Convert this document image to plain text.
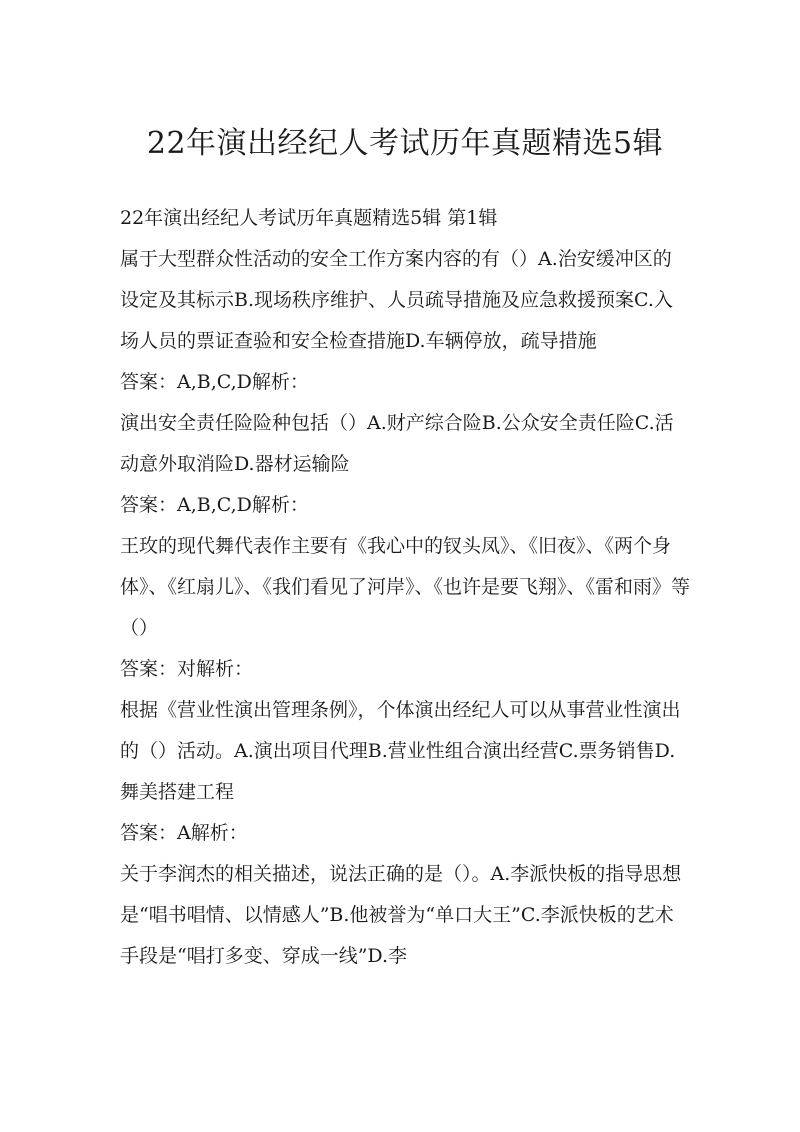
22年演出经纪人考试历年真题精选5辑

22年演出经纪人考试历年真题精选5辑 第1辑

属于大型群众性活动的安全工作方案内容的有（）A.治安缓冲区的设定及其标示B.现场秩序维护、人员疏导措施及应急救援预案C.入场人员的票证查验和安全检查措施D.车辆停放，疏导措施

答案：A,B,C,D解析：

演出安全责任险险种包括（）A.财产综合险B.公众安全责任险C.活动意外取消险D.器材运输险

答案：A,B,C,D解析：

王玫的现代舞代表作主要有《我心中的钗头凤》、《旧夜》、《两个身体》、《红扇儿》、《我们看见了河岸》、《也许是要飞翔》、《雷和雨》等（）

答案：对解析：

根据《营业性演出管理条例》，个体演出经纪人可以从事营业性演出的（）活动。A.演出项目代理B.营业性组合演出经营C.票务销售D.舞美搭建工程

答案：A解析：

关于李润杰的相关描述，说法正确的是（）。A.李派快板的指导思想是“唱书唱情、以情感人”B.他被誉为“单口大王”C.李派快板的艺术手段是“唱打多变、穿成一线”D.李
